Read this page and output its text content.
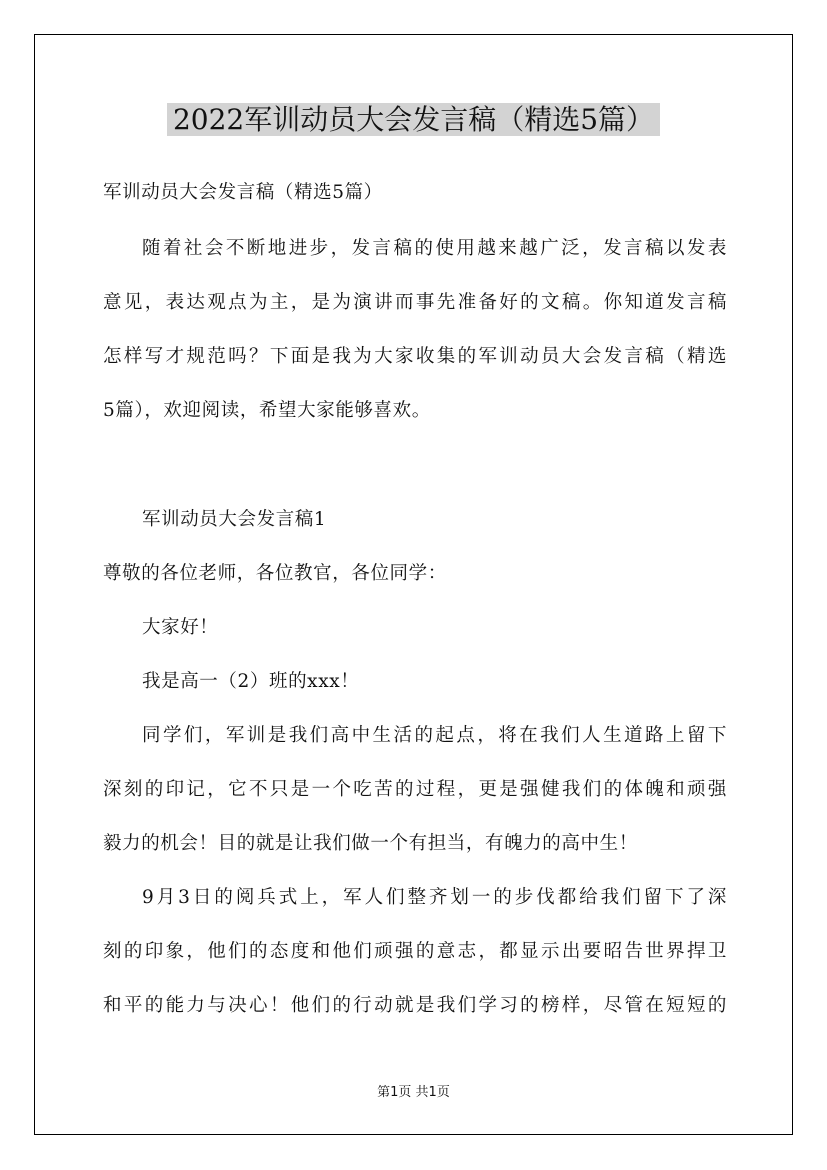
2022军训动员大会发言稿（精选5篇）
军训动员大会发言稿（精选5篇）
随着社会不断地进步，发言稿的使用越来越广泛，发言稿以发表
意见，表达观点为主，是为演讲而事先准备好的文稿。你知道发言稿
怎样写才规范吗？下面是我为大家收集的军训动员大会发言稿（精选
5篇），欢迎阅读，希望大家能够喜欢。
军训动员大会发言稿1
尊敬的各位老师，各位教官，各位同学：
大家好！
我是高一（2）班的xxx！
同学们，军训是我们高中生活的起点，将在我们人生道路上留下
深刻的印记，它不只是一个吃苦的过程，更是强健我们的体魄和顽强
毅力的机会！目的就是让我们做一个有担当，有魄力的高中生！
9月3日的阅兵式上，军人们整齐划一的步伐都给我们留下了深
刻的印象，他们的态度和他们顽强的意志，都显示出要昭告世界捍卫
和平的能力与决心！他们的行动就是我们学习的榜样，尽管在短短的
第1页 共1页
